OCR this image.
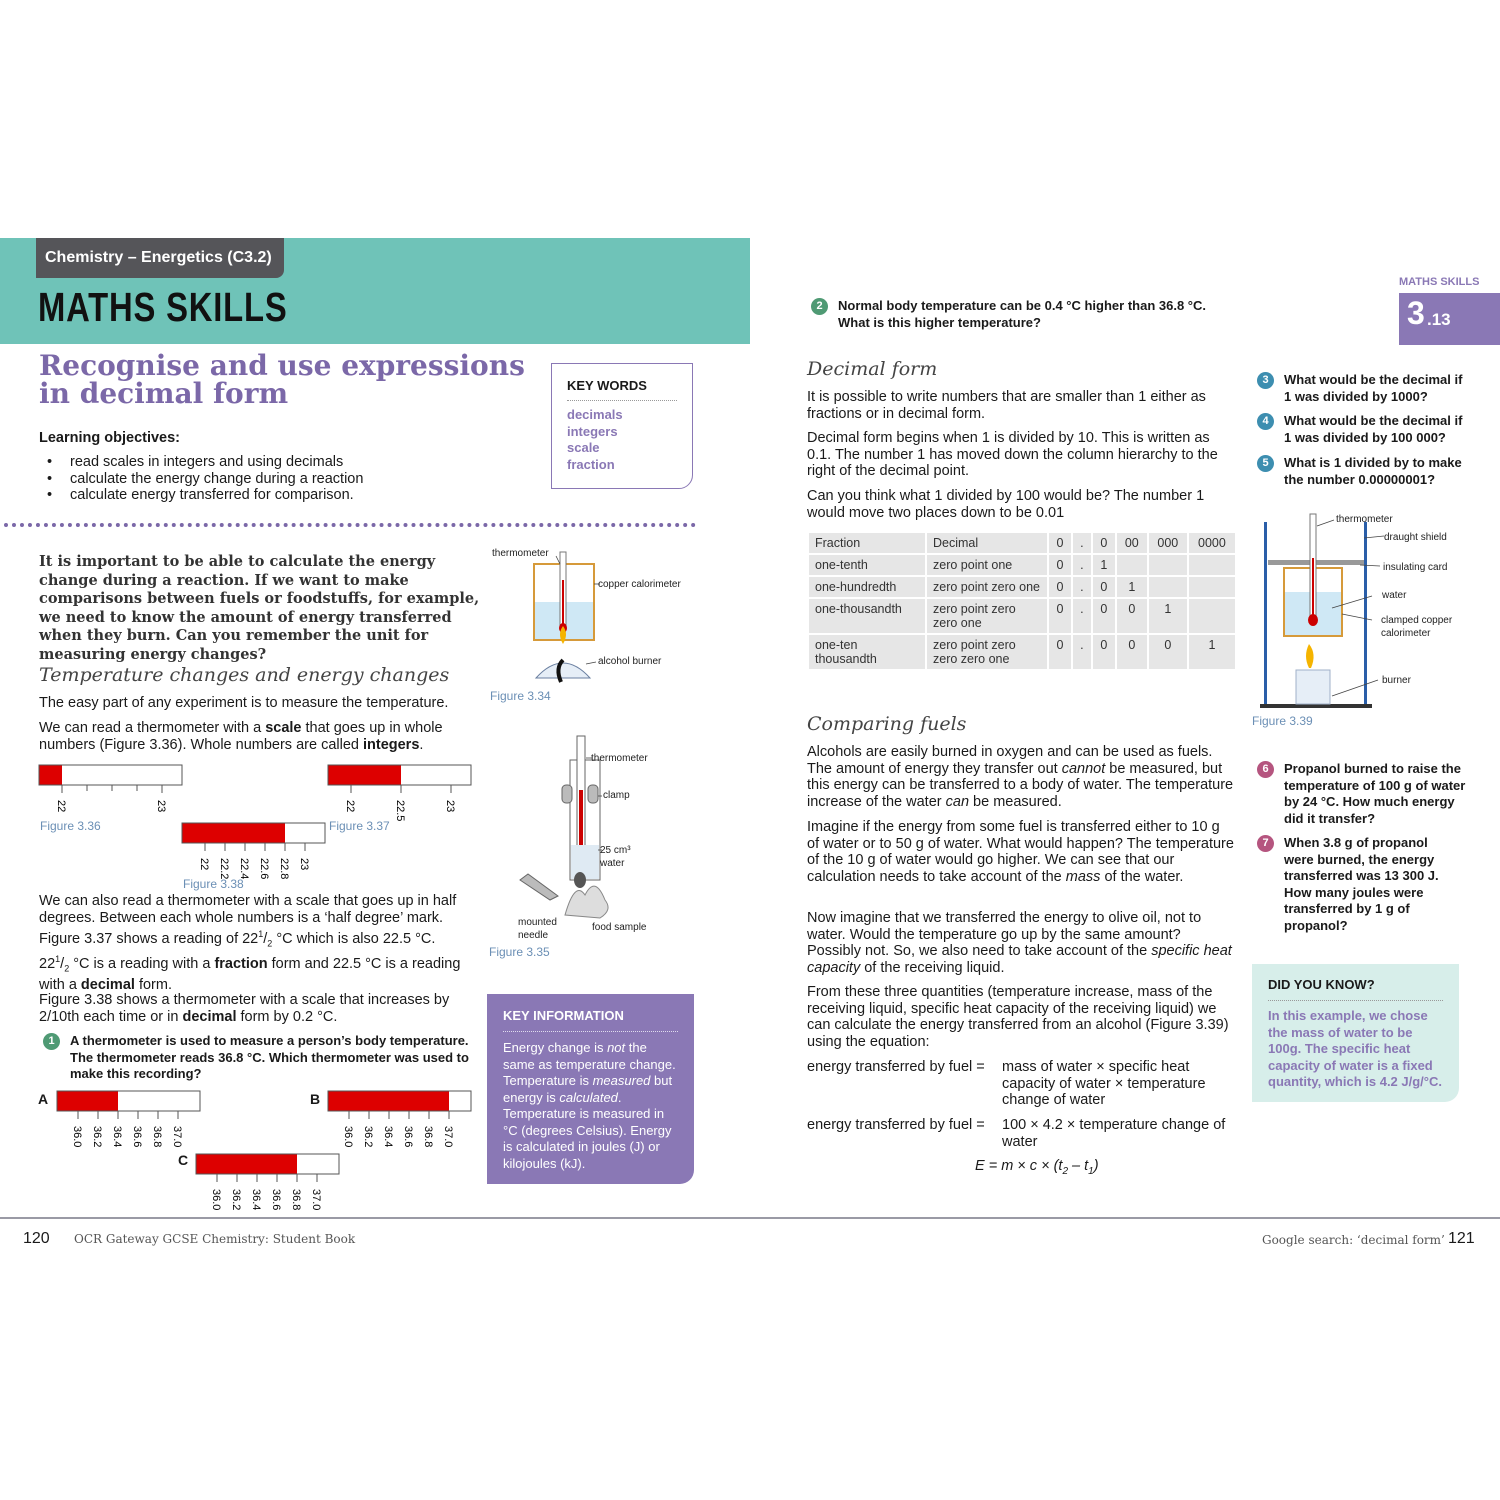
Chemistry – Energetics (C3.2)
MATHS SKILLS
Recognise and use expressions in decimal form	KEY WORDS
decimals
integers
scale
fraction
Learning objectives:
• read scales in integers and using decimals
• calculate the energy change during a reaction
• calculate energy transferred for comparison.
It is important to be able to calculate the energy change during a reaction. If we want to make comparisons between fuels or foodstuffs, for example, we need to know the amount of energy transferred when they burn. Can you remember the unit for measuring energy changes?
Temperature changes and energy changes
The easy part of any experiment is to measure the temperature.
We can read a thermometer with a scale that goes up in whole numbers (Figure 3.36). Whole numbers are called integers.
thermometer
copper calorimeter
alcohol burner
Figure 3.34
22	23
Figure 3.36
22	22.5	23
Figure 3.37
22 22.2 22.4 22.6 22.8 23
Figure 3.38
thermometer
clamp
25 cm³
water
mounted
needle
food sample
Figure 3.35
We can also read a thermometer with a scale that goes up in half degrees. Between each whole numbers is a ‘half degree’ mark. Figure 3.37 shows a reading of $22^1/_2$ °C which is also 22.5 °C.
$22^1/_2$ °C is a reading with a fraction form and 22.5 °C is a reading with a decimal form.
Figure 3.38 shows a thermometer with a scale that increases by 2/10th each time or in decimal form by 0.2 °C.
1	A thermometer is used to measure a person’s body temperature. The thermometer reads 36.8 °C. Which thermometer was used to make this recording?
A
36.0 36.2 36.4 36.6 36.8 37.0
B
36.0 36.2 36.4 36.6 36.8 37.0
C
36.0 36.2 36.4 36.6 36.8 37.0
KEY INFORMATION
Energy change is not the same as temperature change. Temperature is measured but energy is calculated. Temperature is measured in °C (degrees Celsius). Energy is calculated in joules (J) or kilojoules (kJ).
MATHS SKILLS
3 .13
2	Normal body temperature can be 0.4 °C higher than 36.8 °C. What is this higher temperature?
Decimal form
It is possible to write numbers that are smaller than 1 either as fractions or in decimal form.
Decimal form begins when 1 is divided by 10. This is written as 0.1. The number 1 has moved down the column hierarchy to the right of the decimal point.
Can you think what 1 divided by 100 would be? The number 1 would move two places down to be 0.01
Fraction	Decimal	0	.	0	00	000	0000
one-tenth	zero point one	0	.	1			
one-hundredth	zero point zero one	0	.	0	1		
one-thousandth	zero point zero zero one	0	.	0	0	1	
one-ten thousandth	zero point zero zero zero one	0	.	0	0	0	1
Comparing fuels
Alcohols are easily burned in oxygen and can be used as fuels. The amount of energy they transfer out cannot be measured, but this energy can be transferred to a body of water. The temperature increase of the water can be measured.
Imagine if the energy from some fuel is transferred either to 10 g of water or to 50 g of water. What would happen? The temperature of the 10 g of water would go higher. We can see that our calculation needs to take account of the mass of the water.
Now imagine that we transferred the energy to olive oil, not to water. Would the temperature go up by the same amount? Possibly not. So, we also need to take account of the specific heat capacity of the receiving liquid.
From these three quantities (temperature increase, mass of the receiving liquid, specific heat capacity of the receiving liquid) we can calculate the energy transferred from an alcohol (Figure 3.39) using the equation:
energy transferred by fuel = mass of water × specific heat capacity of water × temperature change of water
energy transferred by fuel = 100 × 4.2 × temperature change of water
$E = m \times c \times (t_2 - t_1)$
3	What would be the decimal if 1 was divided by 1000?
4	What would be the decimal if 1 was divided by 100 000?
5	What is 1 divided by to make the number 0.00000001?
thermometer
draught shield
insulating card
water
clamped copper
calorimeter
burner
Figure 3.39
6	Propanol burned to raise the temperature of 100 g of water by 24 °C. How much energy did it transfer?
7	When 3.8 g of propanol were burned, the energy transferred was 13 300 J. How many joules were transferred by 1 g of propanol?
DID YOU KNOW?
In this example, we chose the mass of water to be 100g. The specific heat capacity of water is a fixed quantity, which is 4.2 J/g/°C.
120 OCR Gateway GCSE Chemistry: Student Book	Google search: ‘decimal form’ 121
